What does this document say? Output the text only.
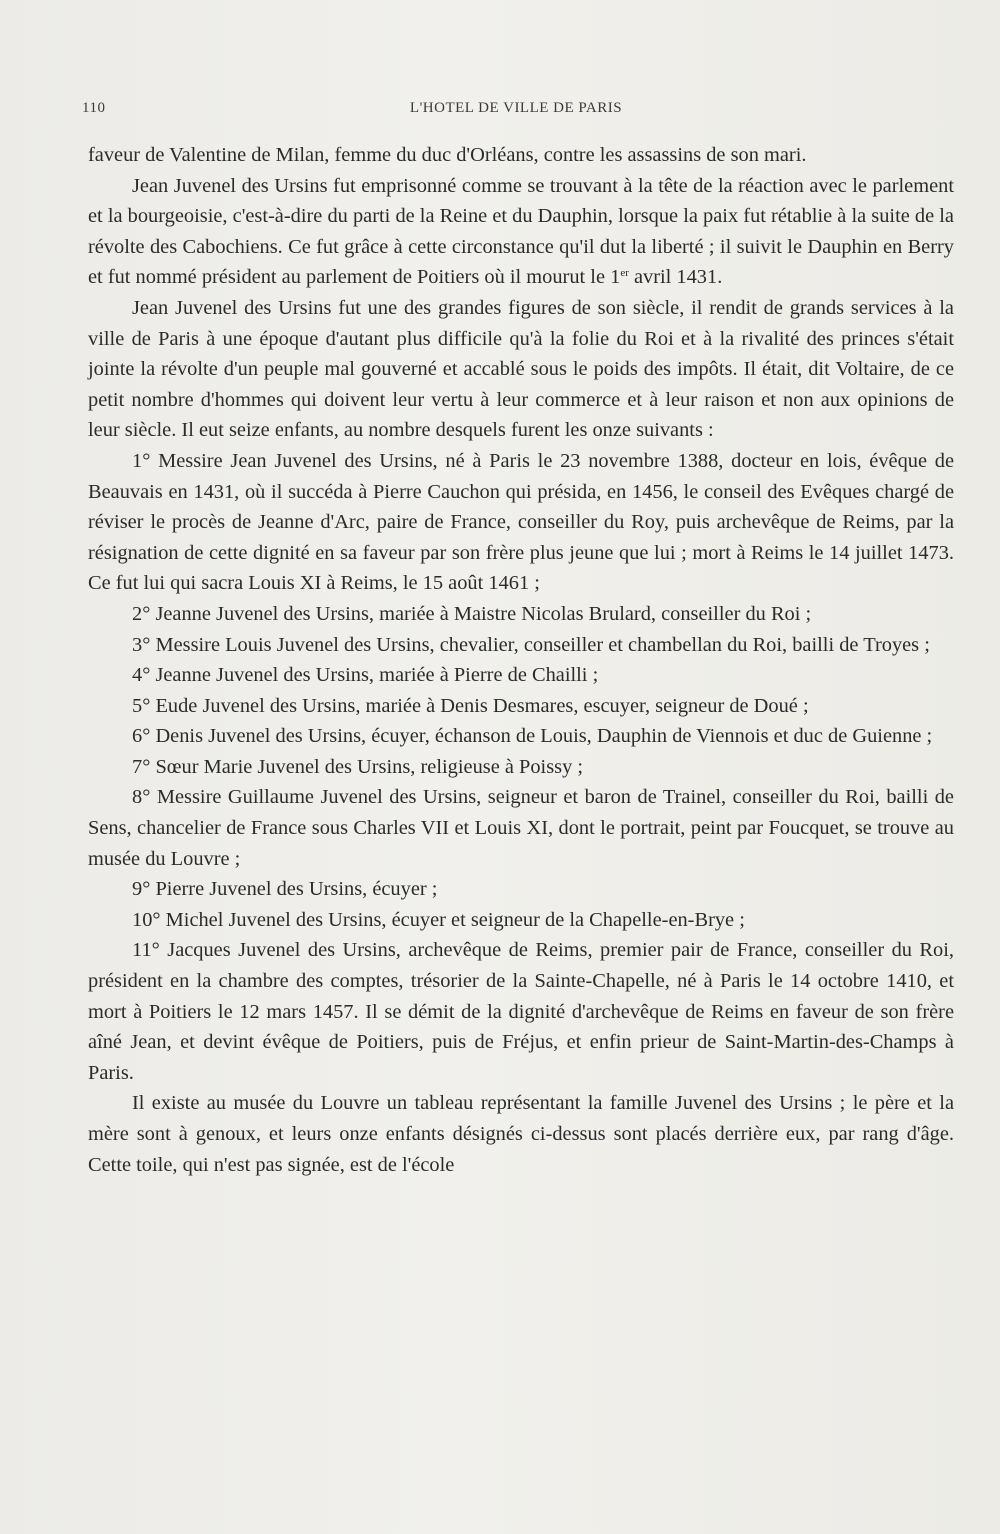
110	L'HOTEL DE VILLE DE PARIS

faveur de Valentine de Milan, femme du duc d'Orléans, contre les assassins de son mari.

Jean Juvenel des Ursins fut emprisonné comme se trouvant à la tête de la réaction avec le parlement et la bourgeoisie, c'est-à-dire du parti de la Reine et du Dauphin, lorsque la paix fut rétablie à la suite de la révolte des Cabochiens. Ce fut grâce à cette circonstance qu'il dut la liberté ; il suivit le Dauphin en Berry et fut nommé président au parlement de Poitiers où il mourut le 1er avril 1431.

Jean Juvenel des Ursins fut une des grandes figures de son siècle, il rendit de grands services à la ville de Paris à une époque d'autant plus difficile qu'à la folie du Roi et à la rivalité des princes s'était jointe la révolte d'un peuple mal gouverné et accablé sous le poids des impôts. Il était, dit Voltaire, de ce petit nombre d'hommes qui doivent leur vertu à leur commerce et à leur raison et non aux opinions de leur siècle. Il eut seize enfants, au nombre desquels furent les onze suivants :

1° Messire Jean Juvenel des Ursins, né à Paris le 23 novembre 1388, docteur en lois, évêque de Beauvais en 1431, où il succéda à Pierre Cauchon qui présida, en 1456, le conseil des Evêques chargé de réviser le procès de Jeanne d'Arc, paire de France, conseiller du Roy, puis archevêque de Reims, par la résignation de cette dignité en sa faveur par son frère plus jeune que lui ; mort à Reims le 14 juillet 1473. Ce fut lui qui sacra Louis XI à Reims, le 15 août 1461 ;

2° Jeanne Juvenel des Ursins, mariée à Maistre Nicolas Brulard, conseiller du Roi ;

3° Messire Louis Juvenel des Ursins, chevalier, conseiller et chambellan du Roi, bailli de Troyes ;

4° Jeanne Juvenel des Ursins, mariée à Pierre de Chailli ;

5° Eude Juvenel des Ursins, mariée à Denis Desmares, escuyer, seigneur de Doué ;

6° Denis Juvenel des Ursins, écuyer, échanson de Louis, Dauphin de Viennois et duc de Guienne ;

7° Sœur Marie Juvenel des Ursins, religieuse à Poissy ;

8° Messire Guillaume Juvenel des Ursins, seigneur et baron de Trainel, conseiller du Roi, bailli de Sens, chancelier de France sous Charles VII et Louis XI, dont le portrait, peint par Foucquet, se trouve au musée du Louvre ;

9° Pierre Juvenel des Ursins, écuyer ;

10° Michel Juvenel des Ursins, écuyer et seigneur de la Chapelle-en-Brye ;

11° Jacques Juvenel des Ursins, archevêque de Reims, premier pair de France, conseiller du Roi, président en la chambre des comptes, trésorier de la Sainte-Chapelle, né à Paris le 14 octobre 1410, et mort à Poitiers le 12 mars 1457. Il se démit de la dignité d'archevêque de Reims en faveur de son frère aîné Jean, et devint évêque de Poitiers, puis de Fréjus, et enfin prieur de Saint-Martin-des-Champs à Paris.

Il existe au musée du Louvre un tableau représentant la famille Juvenel des Ursins ; le père et la mère sont à genoux, et leurs onze enfants désignés ci-dessus sont placés derrière eux, par rang d'âge. Cette toile, qui n'est pas signée, est de l'école
